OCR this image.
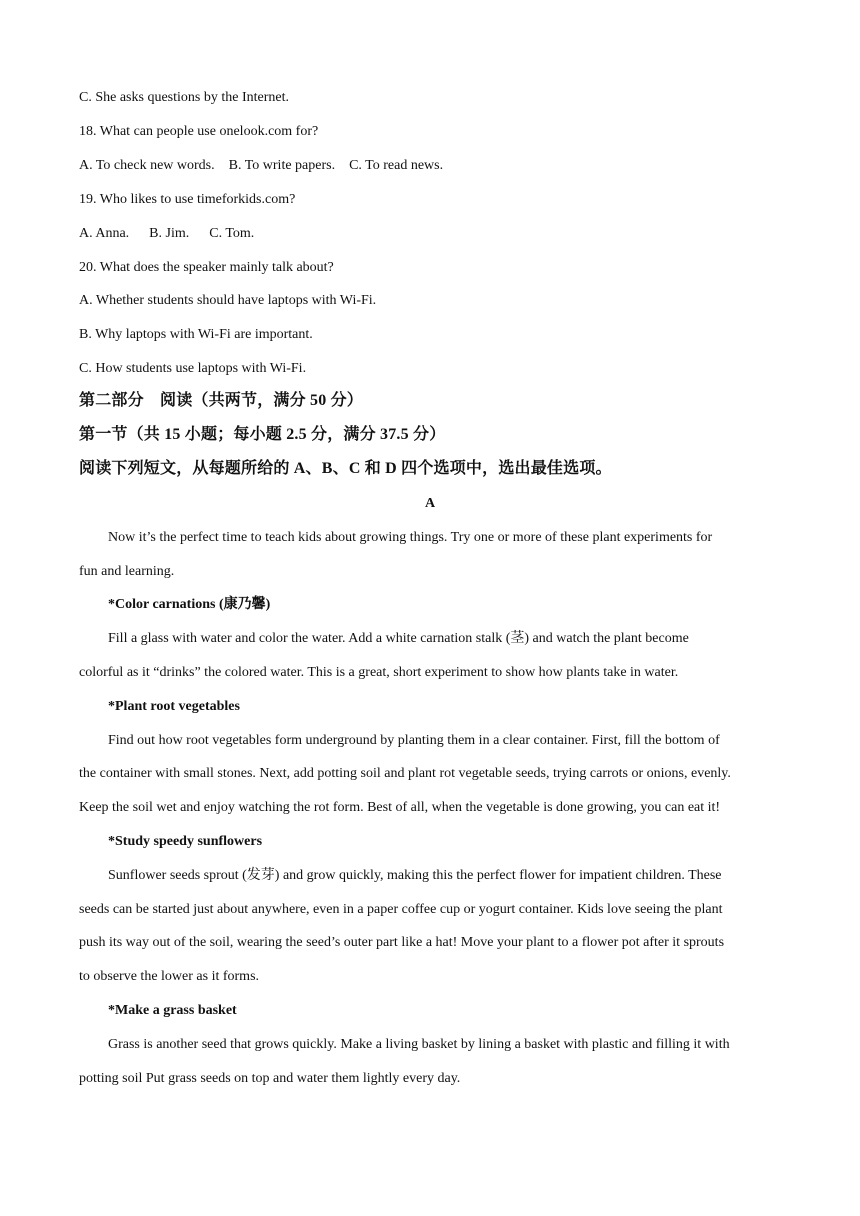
C. She asks questions by the Internet.
18. What can people use onelook.com for?
A. To check new words. B. To write papers. C. To read news.
19. Who likes to use timeforkids.com?
A. Anna. B. Jim. C. Tom.
20. What does the speaker mainly talk about?
A. Whether students should have laptops with Wi-Fi.
B. Why laptops with Wi-Fi are important.
C. How students use laptops with Wi-Fi.
第二部分　阅读（共两节，满分 50 分）
第一节（共 15 小题；每小题 2.5 分，满分 37.5 分）
阅读下列短文，从每题所给的 A、B、C 和 D 四个选项中，选出最佳选项。
A
Now it’s the perfect time to teach kids about growing things. Try one or more of these plant experiments for
fun and learning.
*Color carnations (康乃馨)
Fill a glass with water and color the water. Add a white carnation stalk (茎) and watch the plant become
colorful as it “drinks” the colored water. This is a great, short experiment to show how plants take in water.
*Plant root vegetables
Find out how root vegetables form underground by planting them in a clear container. First, fill the bottom of
the container with small stones. Next, add potting soil and plant rot vegetable seeds, trying carrots or onions, evenly.
Keep the soil wet and enjoy watching the rot form. Best of all, when the vegetable is done growing, you can eat it!
*Study speedy sunflowers
Sunflower seeds sprout (发芽) and grow quickly, making this the perfect flower for impatient children. These
seeds can be started just about anywhere, even in a paper coffee cup or yogurt container. Kids love seeing the plant
push its way out of the soil, wearing the seed’s outer part like a hat! Move your plant to a flower pot after it sprouts
to observe the lower as it forms.
*Make a grass basket
Grass is another seed that grows quickly. Make a living basket by lining a basket with plastic and filling it with
potting soil Put grass seeds on top and water them lightly every day.
